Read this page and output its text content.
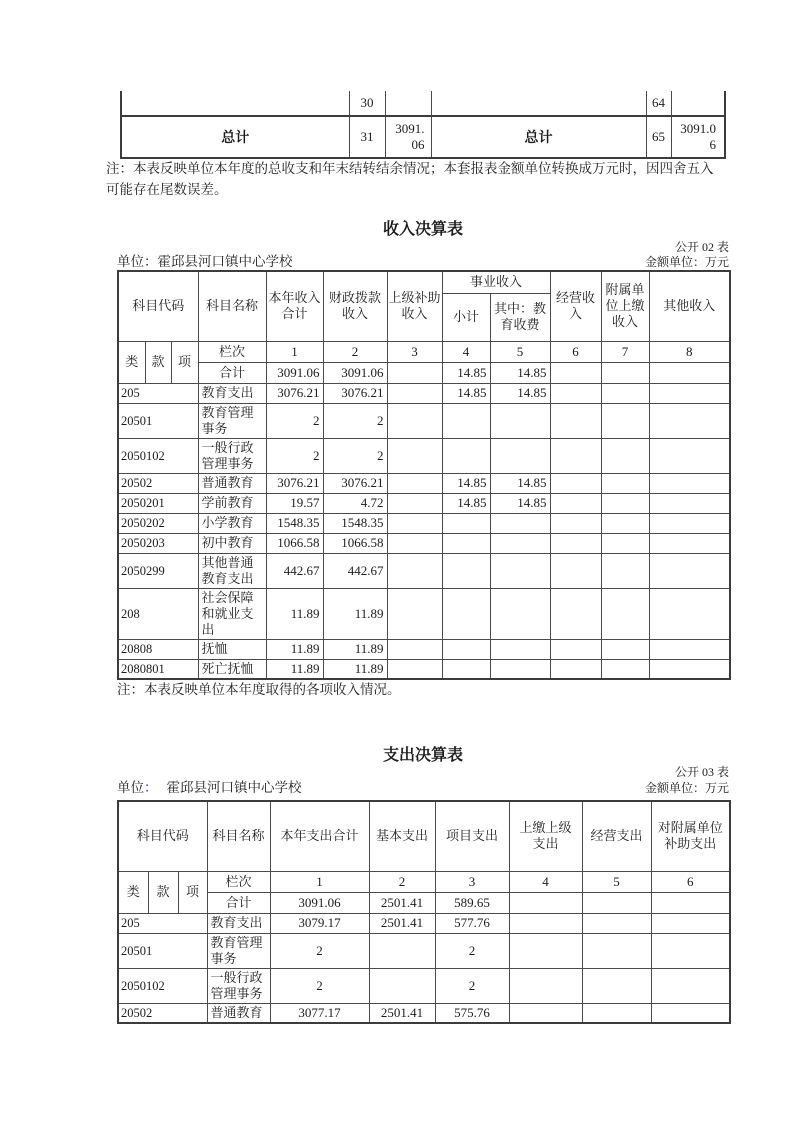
	30			64	
总计	31	3091.06	总计	65	3091.06
注：本表反映单位本年度的总收支和年末结转结余情况；本套报表金额单位转换成万元时，因四舍五入可能存在尾数误差。
收入决算表
公开 02 表
单位：霍邱县河口镇中心学校	金额单位：万元
科目代码			科目名称	本年收入合计	财政拨款收入	上级补助收入	事业收入		经营收入	附属单位上缴收入	其他收入
							小计	其中：教育收费			
类	款	项	栏次	1	2	3	4	5	6	7	8
			合计	3091.06	3091.06		14.85	14.85			
205			教育支出	3076.21	3076.21		14.85	14.85			
20501			教育管理事务	2	2						
2050102			一般行政管理事务	2	2						
20502			普通教育	3076.21	3076.21		14.85	14.85			
2050201			学前教育	19.57	4.72		14.85	14.85			
2050202			小学教育	1548.35	1548.35						
2050203			初中教育	1066.58	1066.58						
2050299			其他普通教育支出	442.67	442.67						
208			社会保障和就业支出	11.89	11.89						
20808			抚恤	11.89	11.89						
2080801			死亡抚恤	11.89	11.89						
注：本表反映单位本年度取得的各项收入情况。
支出决算表
公开 03 表
单位： 霍邱县河口镇中心学校	金额单位：万元
科目代码			科目名称	本年支出合计	基本支出	项目支出	上缴上级支出	经营支出	对附属单位补助支出
类	款	项	栏次	1	2	3	4	5	6
			合计	3091.06	2501.41	589.65			
205			教育支出	3079.17	2501.41	577.76			
20501			教育管理事务	2		2			
2050102			一般行政管理事务	2		2			
20502			普通教育	3077.17	2501.41	575.76			
